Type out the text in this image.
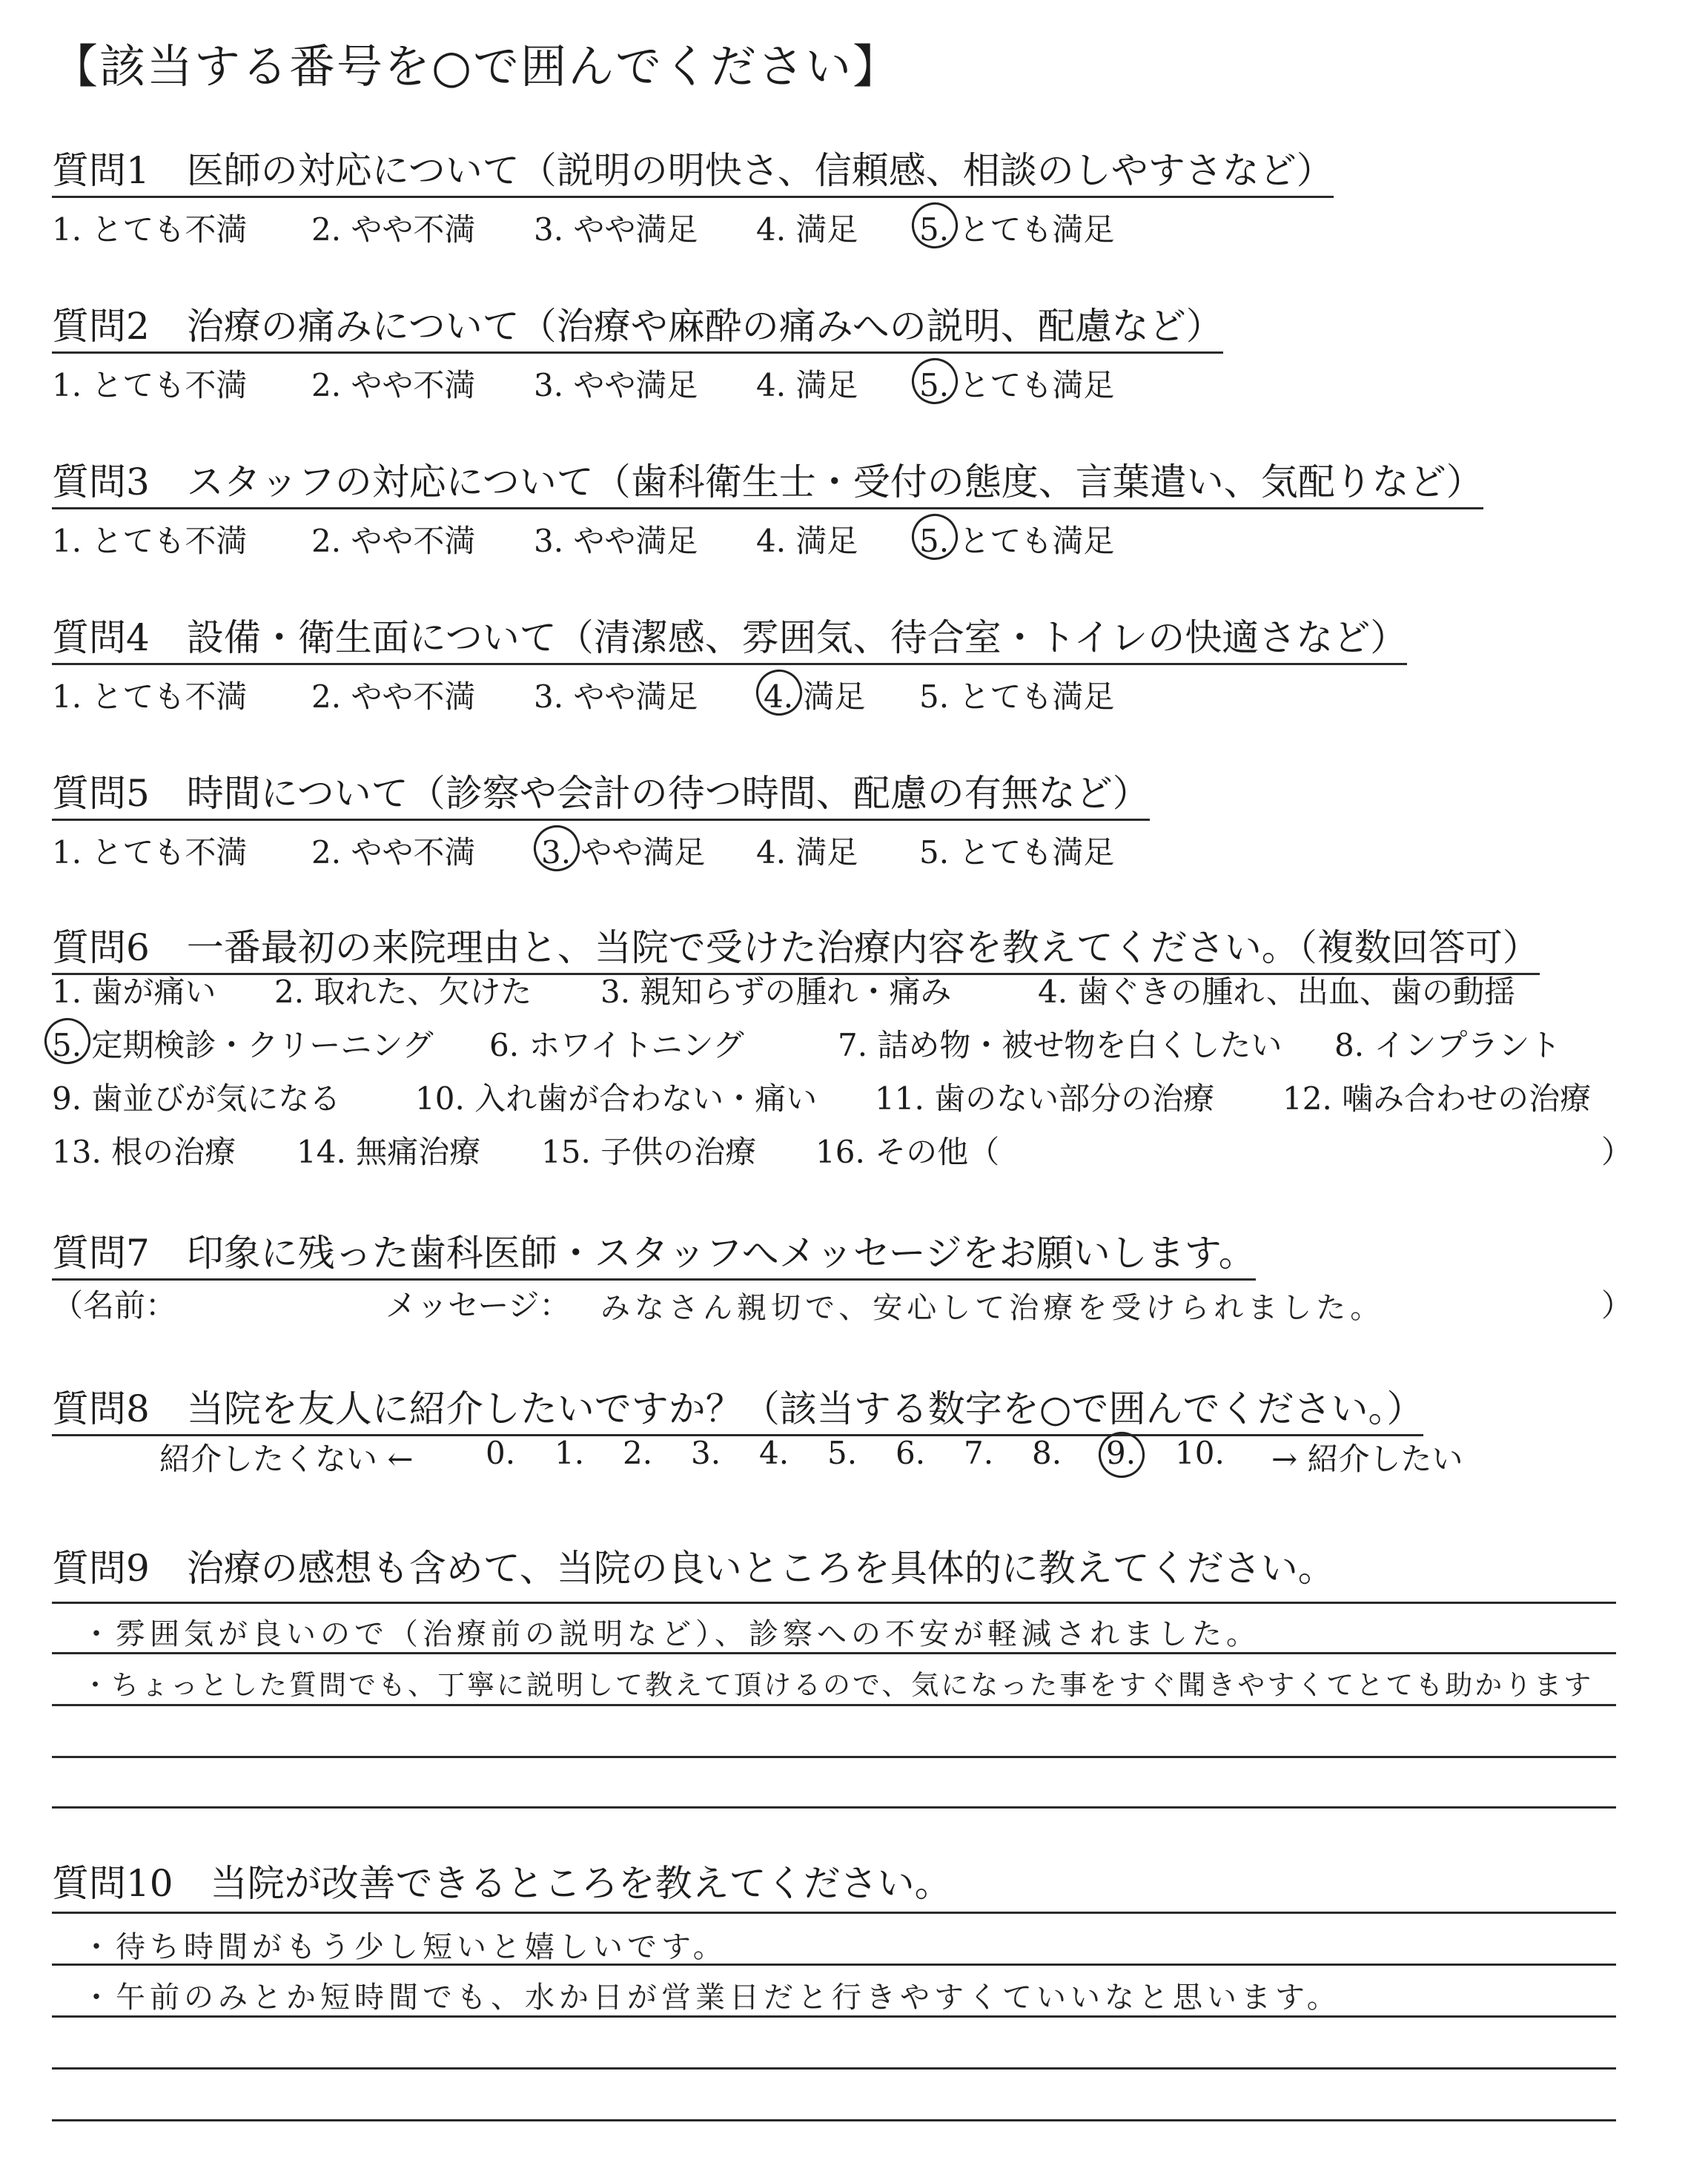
【該当する番号を○で囲んでください】
質問1　医師の対応について（説明の明快さ、信頼感、相談のしやすさなど）
1. とても不満 2. やや不満 3. やや満足 4. 満足 5. とても満足
質問2　治療の痛みについて（治療や麻酔の痛みへの説明、配慮など）
1. とても不満 2. やや不満 3. やや満足 4. 満足 5. とても満足
質問3　スタッフの対応について（歯科衛生士・受付の態度、言葉遣い、気配りなど）
1. とても不満 2. やや不満 3. やや満足 4. 満足 5. とても満足
質問4　設備・衛生面について（清潔感、雰囲気、待合室・トイレの快適さなど）
1. とても不満 2. やや不満 3. やや満足 4. 満足 5. とても満足
質問5　時間について（診察や会計の待つ時間、配慮の有無など）
1. とても不満 2. やや不満 3. やや満足 4. 満足 5. とても満足
質問6　一番最初の来院理由と、当院で受けた治療内容を教えてください。（複数回答可）
1. 歯が痛い 2. 取れた、欠けた 3. 親知らずの腫れ・痛み	4. 歯ぐきの腫れ、出血、歯の動揺
5. 定期検診・クリーニング 6. ホワイトニング	7. 詰め物・被せ物を白くしたい 8. インプラント
9. 歯並びが気になる 10. 入れ歯が合わない・痛い 11. 歯のない部分の治療 12. 噛み合わせの治療
13. 根の治療 14. 無痛治療 15. 子供の治療 16. その他（	）
質問7　印象に残った歯科医師・スタッフへメッセージをお願いします。
（名前：	メッセージ： みなさん親切で、安心して治療を受けられました。	）
質問8　当院を友人に紹介したいですか？（該当する数字を○で囲んでください。）
紹介したくない ← 0. 1. 2. 3. 4. 5. 6. 7. 8. 9. 10. → 紹介したい
質問9　治療の感想も含めて、当院の良いところを具体的に教えてください。
・雰囲気が良いので（治療前の説明など）、診察への不安が軽減されました。
・ちょっとした質問でも、丁寧に説明して教えて頂けるので、気になった事をすぐ聞きやすくてとても助かります
質問10　当院が改善できるところを教えてください。
・待ち時間がもう少し短いと嬉しいです。
・午前のみとか短時間でも、水か日が営業日だと行きやすくていいなと思います。
